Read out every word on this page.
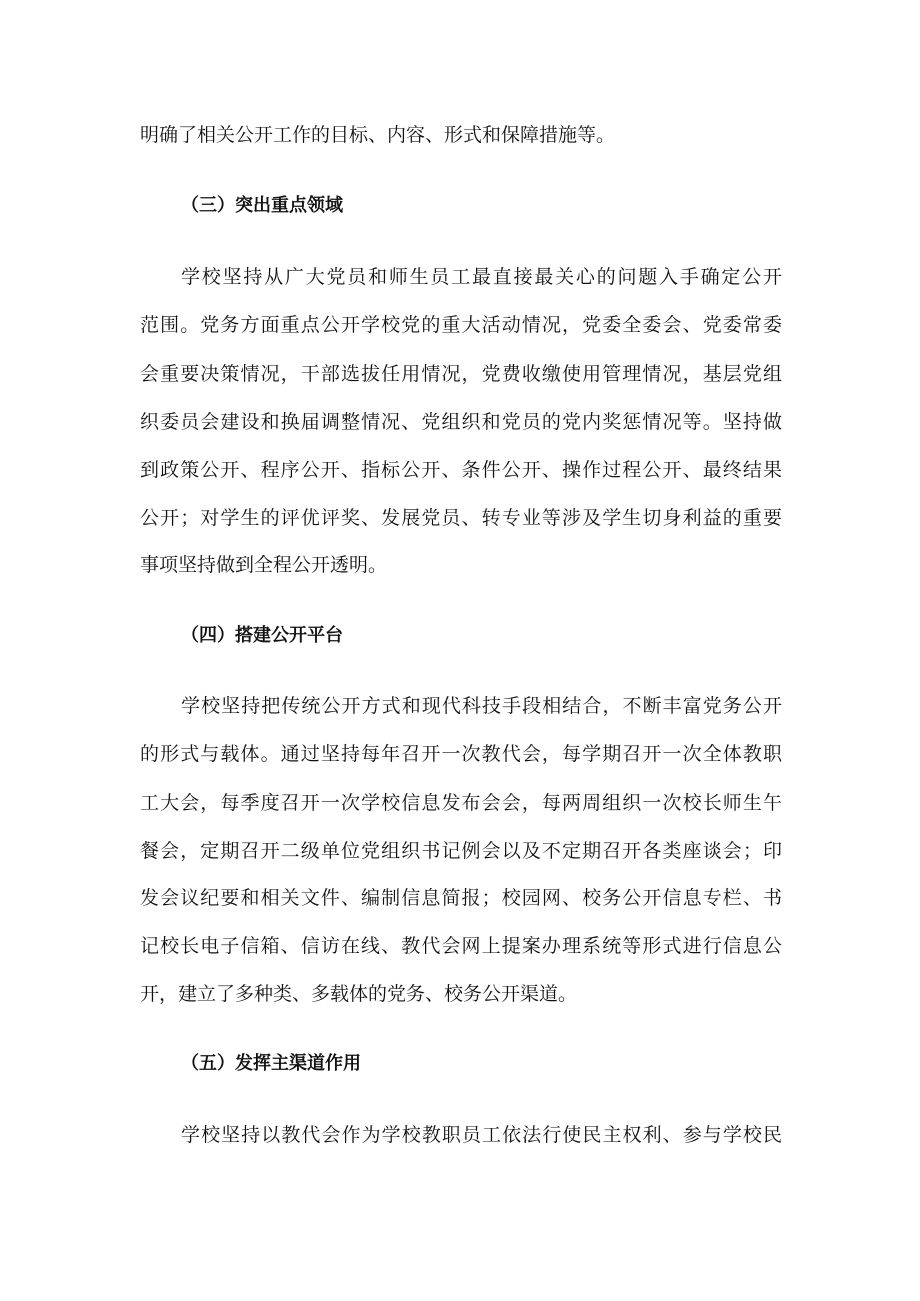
明确了相关公开工作的目标、内容、形式和保障措施等。
（三）突出重点领域
学校坚持从广大党员和师生员工最直接最关心的问题入手确定公开
范围。党务方面重点公开学校党的重大活动情况，党委全委会、党委常委
会重要决策情况，干部选拔任用情况，党费收缴使用管理情况，基层党组
织委员会建设和换届调整情况、党组织和党员的党内奖惩情况等。坚持做
到政策公开、程序公开、指标公开、条件公开、操作过程公开、最终结果
公开；对学生的评优评奖、发展党员、转专业等涉及学生切身利益的重要
事项坚持做到全程公开透明。
（四）搭建公开平台
学校坚持把传统公开方式和现代科技手段相结合，不断丰富党务公开
的形式与载体。通过坚持每年召开一次教代会，每学期召开一次全体教职
工大会，每季度召开一次学校信息发布会会，每两周组织一次校长师生午
餐会，定期召开二级单位党组织书记例会以及不定期召开各类座谈会；印
发会议纪要和相关文件、编制信息简报；校园网、校务公开信息专栏、书
记校长电子信箱、信访在线、教代会网上提案办理系统等形式进行信息公
开，建立了多种类、多载体的党务、校务公开渠道。
（五）发挥主渠道作用
学校坚持以教代会作为学校教职员工依法行使民主权利、参与学校民
